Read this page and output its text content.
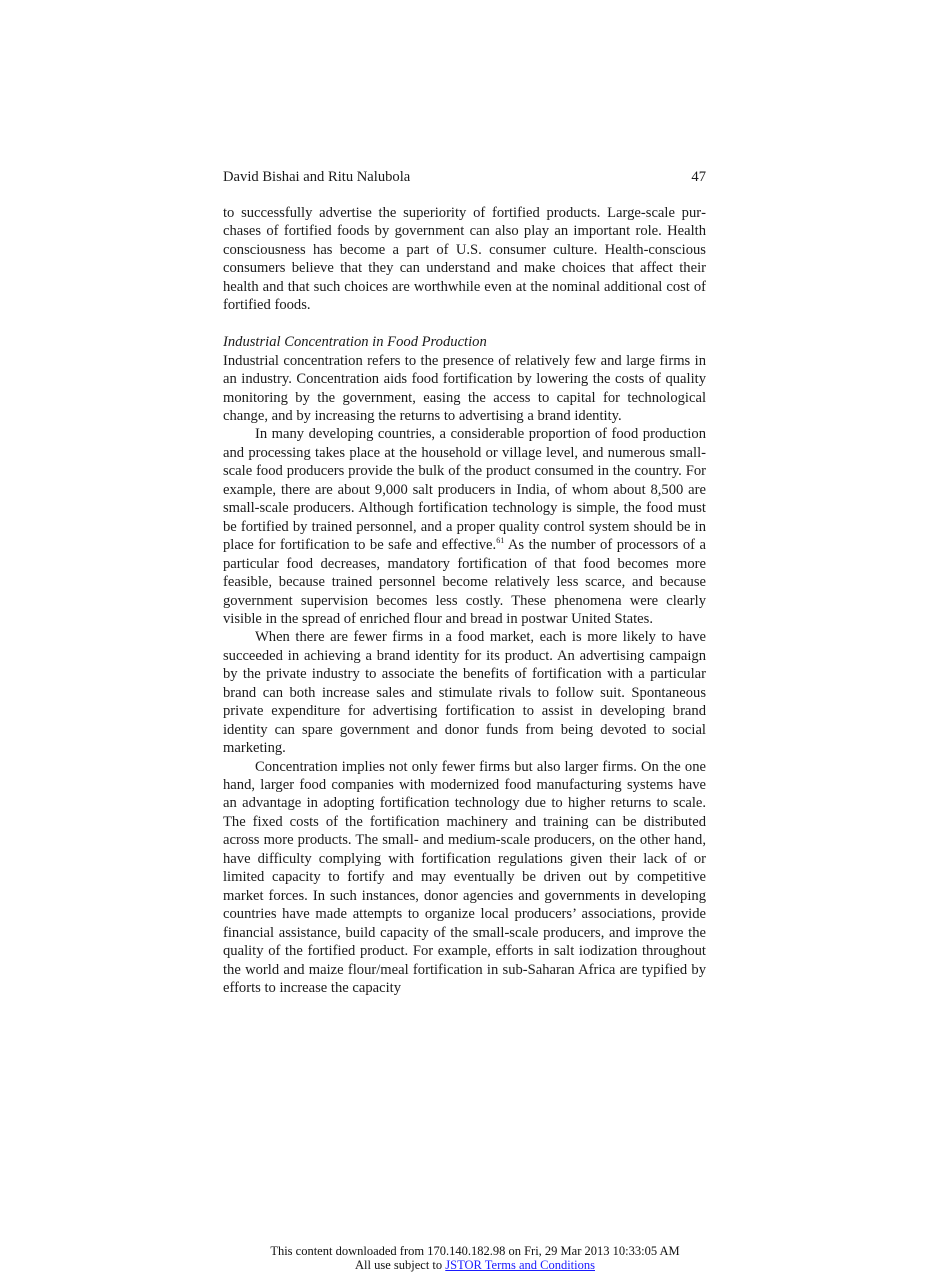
David Bishai and Ritu Nalubola	47

to successfully advertise the superiority of fortified products. Large-scale purchases of fortified foods by government can also play an important role. Health consciousness has become a part of U.S. consumer culture. Health-conscious consumers believe that they can understand and make choices that affect their health and that such choices are worthwhile even at the nominal additional cost of fortified foods.

Industrial Concentration in Food Production

Industrial concentration refers to the presence of relatively few and large firms in an industry. Concentration aids food fortification by lowering the costs of quality monitoring by the government, easing the access to capital for technological change, and by increasing the returns to advertising a brand identity.

In many developing countries, a considerable proportion of food production and processing takes place at the household or village level, and numerous small-scale food producers provide the bulk of the product consumed in the country. For example, there are about 9,000 salt producers in India, of whom about 8,500 are small-scale producers. Although fortification technology is simple, the food must be fortified by trained personnel, and a proper quality control system should be in place for fortification to be safe and effective.$^{61}$ As the number of processors of a particular food decreases, mandatory fortification of that food becomes more feasible, because trained personnel become relatively less scarce, and because government supervision becomes less costly. These phenomena were clearly visible in the spread of enriched flour and bread in postwar United States.

When there are fewer firms in a food market, each is more likely to have succeeded in achieving a brand identity for its product. An advertising campaign by the private industry to associate the benefits of fortification with a particular brand can both increase sales and stimulate rivals to follow suit. Spontaneous private expenditure for advertising fortification to assist in developing brand identity can spare government and donor funds from being devoted to social marketing.

Concentration implies not only fewer firms but also larger firms. On the one hand, larger food companies with modernized food manufacturing systems have an advantage in adopting fortification technology due to higher returns to scale. The fixed costs of the fortification machinery and training can be distributed across more products. The small- and medium-scale producers, on the other hand, have difficulty complying with fortification regulations given their lack of or limited capacity to fortify and may eventually be driven out by competitive market forces. In such instances, donor agencies and governments in developing countries have made attempts to organize local producers’ associations, provide financial assistance, build capacity of the small-scale producers, and improve the quality of the fortified product. For example, efforts in salt iodization throughout the world and maize flour/meal fortification in sub-Saharan Africa are typified by efforts to increase the capacity

This content downloaded from 170.140.182.98 on Fri, 29 Mar 2013 10:33:05 AM
All use subject to JSTOR Terms and Conditions
